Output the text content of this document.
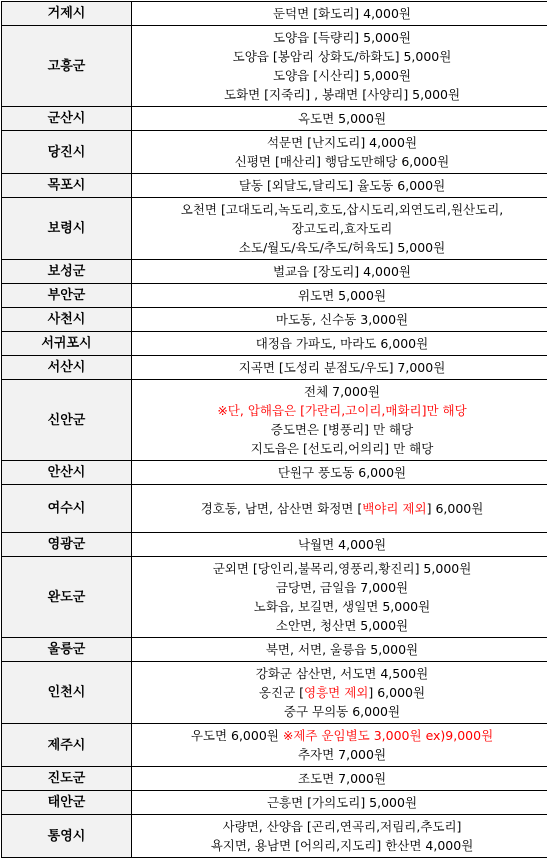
거제시	둔덕면 [화도리] 4,000원

고흥군	도양읍 [득량리] 5,000원
도양읍 [봉암리 상화도/하화도] 5,000원
도양읍 [시산리] 5,000원
도화면 [지죽리] , 봉래면 [사양리] 5,000원

군산시	옥도면 5,000원

당진시	석문면 [난지도리] 4,000원
신평면 [매산리] 행담도만해당 6,000원

목포시	달동 [외달도,달리도] 율도동 6,000원

보령시	오천면 [고대도리,녹도리,호도,삽시도리,외연도리,원산도리,
장고도리,효자도리
소도/월도/육도/추도/허육도] 5,000원

보성군	벌교읍 [장도리] 4,000원

부안군	위도면 5,000원

사천시	마도동, 신수동 3,000원

서귀포시	대정읍 가파도, 마라도 6,000원

서산시	지곡면 [도성리 분점도/우도] 7,000원

신안군	전체 7,000원
※단, 압해읍은 [가란리,고이리,매화리]만 해당
증도면은 [병풍리] 만 해당
지도읍은 [선도리,어의리] 만 해당

안산시	단원구 풍도동 6,000원

여수시	경호동, 남면, 삼산면 화정면 [백야리 제외] 6,000원

영광군	낙월면 4,000원

완도군	군외면 [당인리,불목리,영풍리,황진리] 5,000원
금당면, 금일읍 7,000원
노화읍, 보길면, 생일면 5,000원
소안면, 청산면 5,000원

울릉군	북면, 서면, 울릉읍 5,000원

인천시	강화군 삼산면, 서도면 4,500원
옹진군 [영흥면 제외] 6,000원
중구 무의동 6,000원

제주시	우도면 6,000원 ※제주 운임별도 3,000원 ex)9,000원
추자면 7,000원

진도군	조도면 7,000원

태안군	근흥면 [가의도리] 5,000원

통영시	사량면, 산양읍 [곤리,연곡리,저림리,추도리]
욕지면, 용남면 [어의리,지도리] 한산면 4,000원
